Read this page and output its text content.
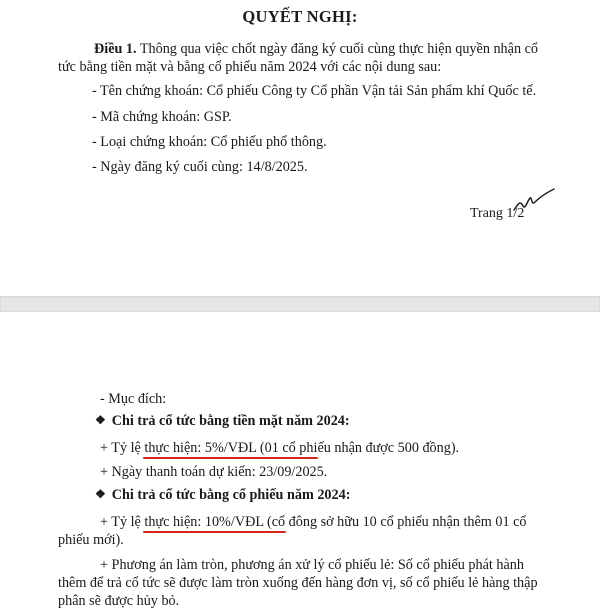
QUYẾT NGHỊ:
Điều 1. Thông qua việc chốt ngày đăng ký cuối cùng thực hiện quyền nhận cổ
tức bằng tiền mặt và bằng cổ phiếu năm 2024 với các nội dung sau:
- Tên chứng khoán: Cổ phiếu Công ty Cổ phần Vận tải Sản phẩm khí Quốc tế.
- Mã chứng khoán: GSP.
- Loại chứng khoán: Cổ phiếu phổ thông.
- Ngày đăng ký cuối cùng: 14/8/2025.
Trang 1/2
- Mục đích:
❖ Chi trả cổ tức bằng tiền mặt năm 2024:
+ Tỷ lệ thực hiện: 5%/VĐL (01 cổ phiếu nhận được 500 đồng).
+ Ngày thanh toán dự kiến: 23/09/2025.
❖ Chi trả cổ tức bằng cổ phiếu năm 2024:
+ Tỷ lệ thực hiện: 10%/VĐL (cổ đông sở hữu 10 cổ phiếu nhận thêm 01 cổ
phiếu mới).
+ Phương án làm tròn, phương án xử lý cổ phiếu lẻ: Số cổ phiếu phát hành
thêm để trả cổ tức sẽ được làm tròn xuống đến hàng đơn vị, số cổ phiếu lẻ hàng thập
phân sẽ được hủy bỏ.
